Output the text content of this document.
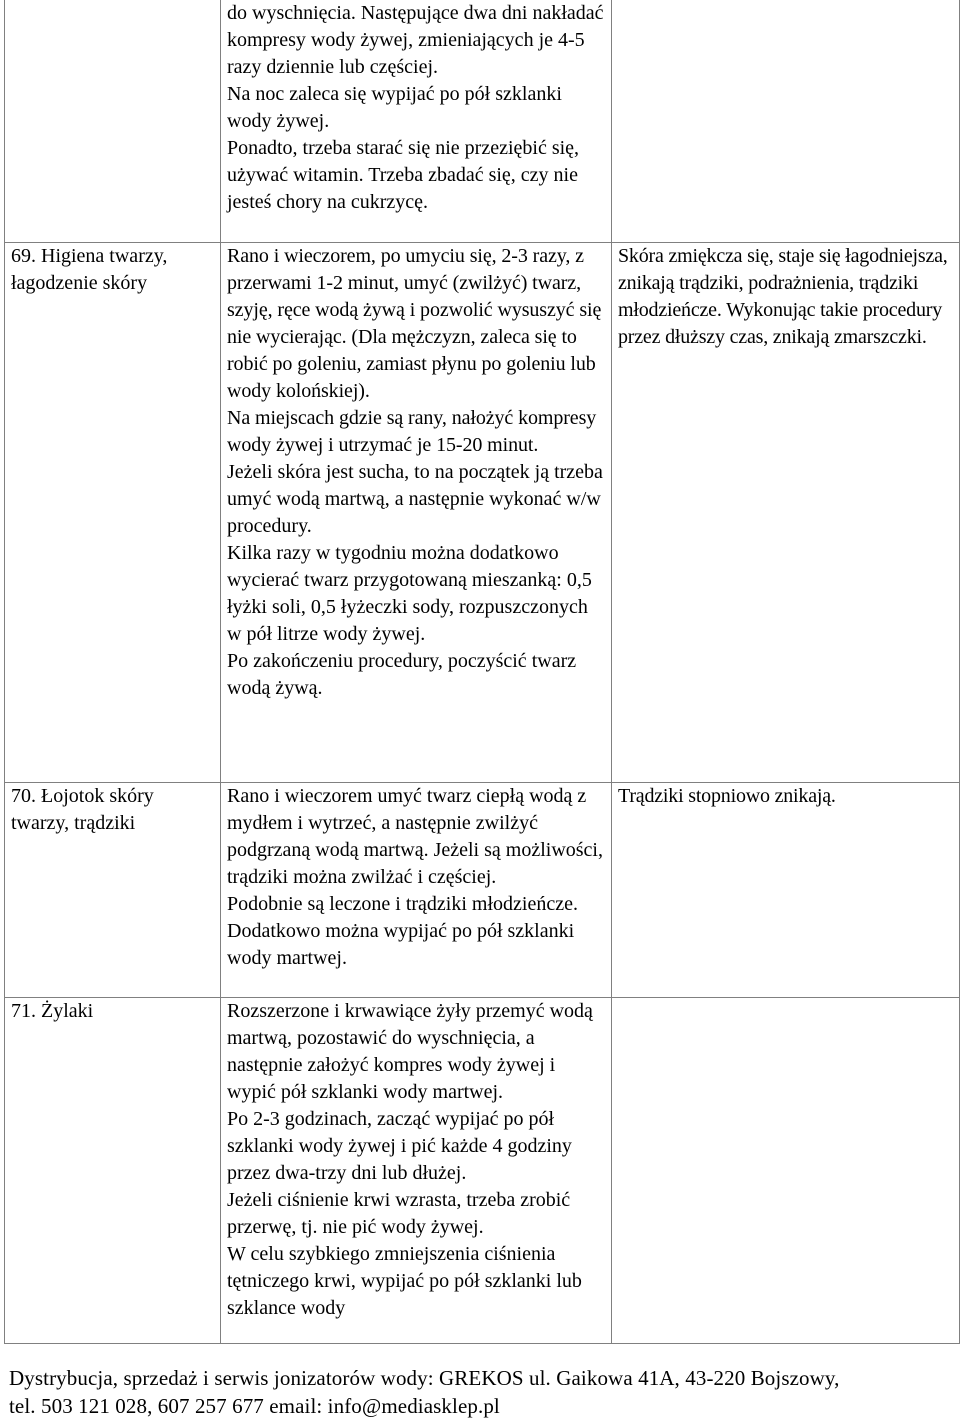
	do wyschnięcia. Następujące dwa dni nakładać kompresy wody żywej, zmieniających je 4-5 razy dziennie lub częściej.

Na noc zaleca się wypijać po pół szklanki wody żywej.

Ponadto, trzeba starać się nie przeziębić się, używać witamin. Trzeba zbadać się, czy nie jesteś chory na cukrzycę.	

69. Higiena twarzy, łagodzenie skóry	Rano i wieczorem, po umyciu się, 2-3 razy, z przerwami 1-2 minut, umyć (zwilżyć) twarz, szyję, ręce wodą żywą i pozwolić wysuszyć się nie wycierając. (Dla mężczyzn, zaleca się to robić po goleniu, zamiast płynu po goleniu lub wody kolońskiej).

Na miejscach gdzie są rany, nałożyć kompresy wody żywej i utrzymać je 15-20 minut.

Jeżeli skóra jest sucha, to na początek ją trzeba umyć wodą martwą, a następnie wykonać w/w procedury.

Kilka razy w tygodniu można dodatkowo wycierać twarz przygotowaną mieszanką: 0,5 łyżki soli, 0,5 łyżeczki sody, rozpuszczonych w pół litrze wody żywej.

Po zakończeniu procedury, poczyścić twarz wodą żywą.	Skóra zmiękcza się, staje się łagodniejsza, znikają trądziki, podrażnienia, trądziki młodzieńcze. Wykonując takie procedury przez dłuższy czas, znikają zmarszczki.
70. Łojotok skóry twarzy, trądziki	Rano i wieczorem umyć twarz ciepłą wodą z mydłem i wytrzeć, a następnie zwilżyć podgrzaną wodą martwą. Jeżeli są możliwości, trądziki można zwilżać i częściej.

Podobnie są leczone i trądziki młodzieńcze. Dodatkowo można wypijać po pół szklanki wody martwej.	Trądziki stopniowo znikają.
71. Żylaki	Rozszerzone i krwawiące żyły przemyć wodą martwą, pozostawić do wyschnięcia, a następnie założyć kompres wody żywej i wypić pół szklanki wody martwej.

Po 2-3 godzinach, zacząć wypijać po pół szklanki wody żywej i pić każde 4 godziny przez dwa-trzy dni lub dłużej.

Jeżeli ciśnienie krwi wzrasta, trzeba zrobić przerwę, tj. nie pić wody żywej.

W celu szybkiego zmniejszenia ciśnienia tętniczego krwi, wypijać po pół szklanki lub szklance wody	

Dystrybucja, sprzedaż i serwis jonizatorów wody: GREKOS ul. Gaikowa 41A, 43-220 Bojszowy,
tel. 503 121 028, 607 257 677 email: info@mediasklep.pl
